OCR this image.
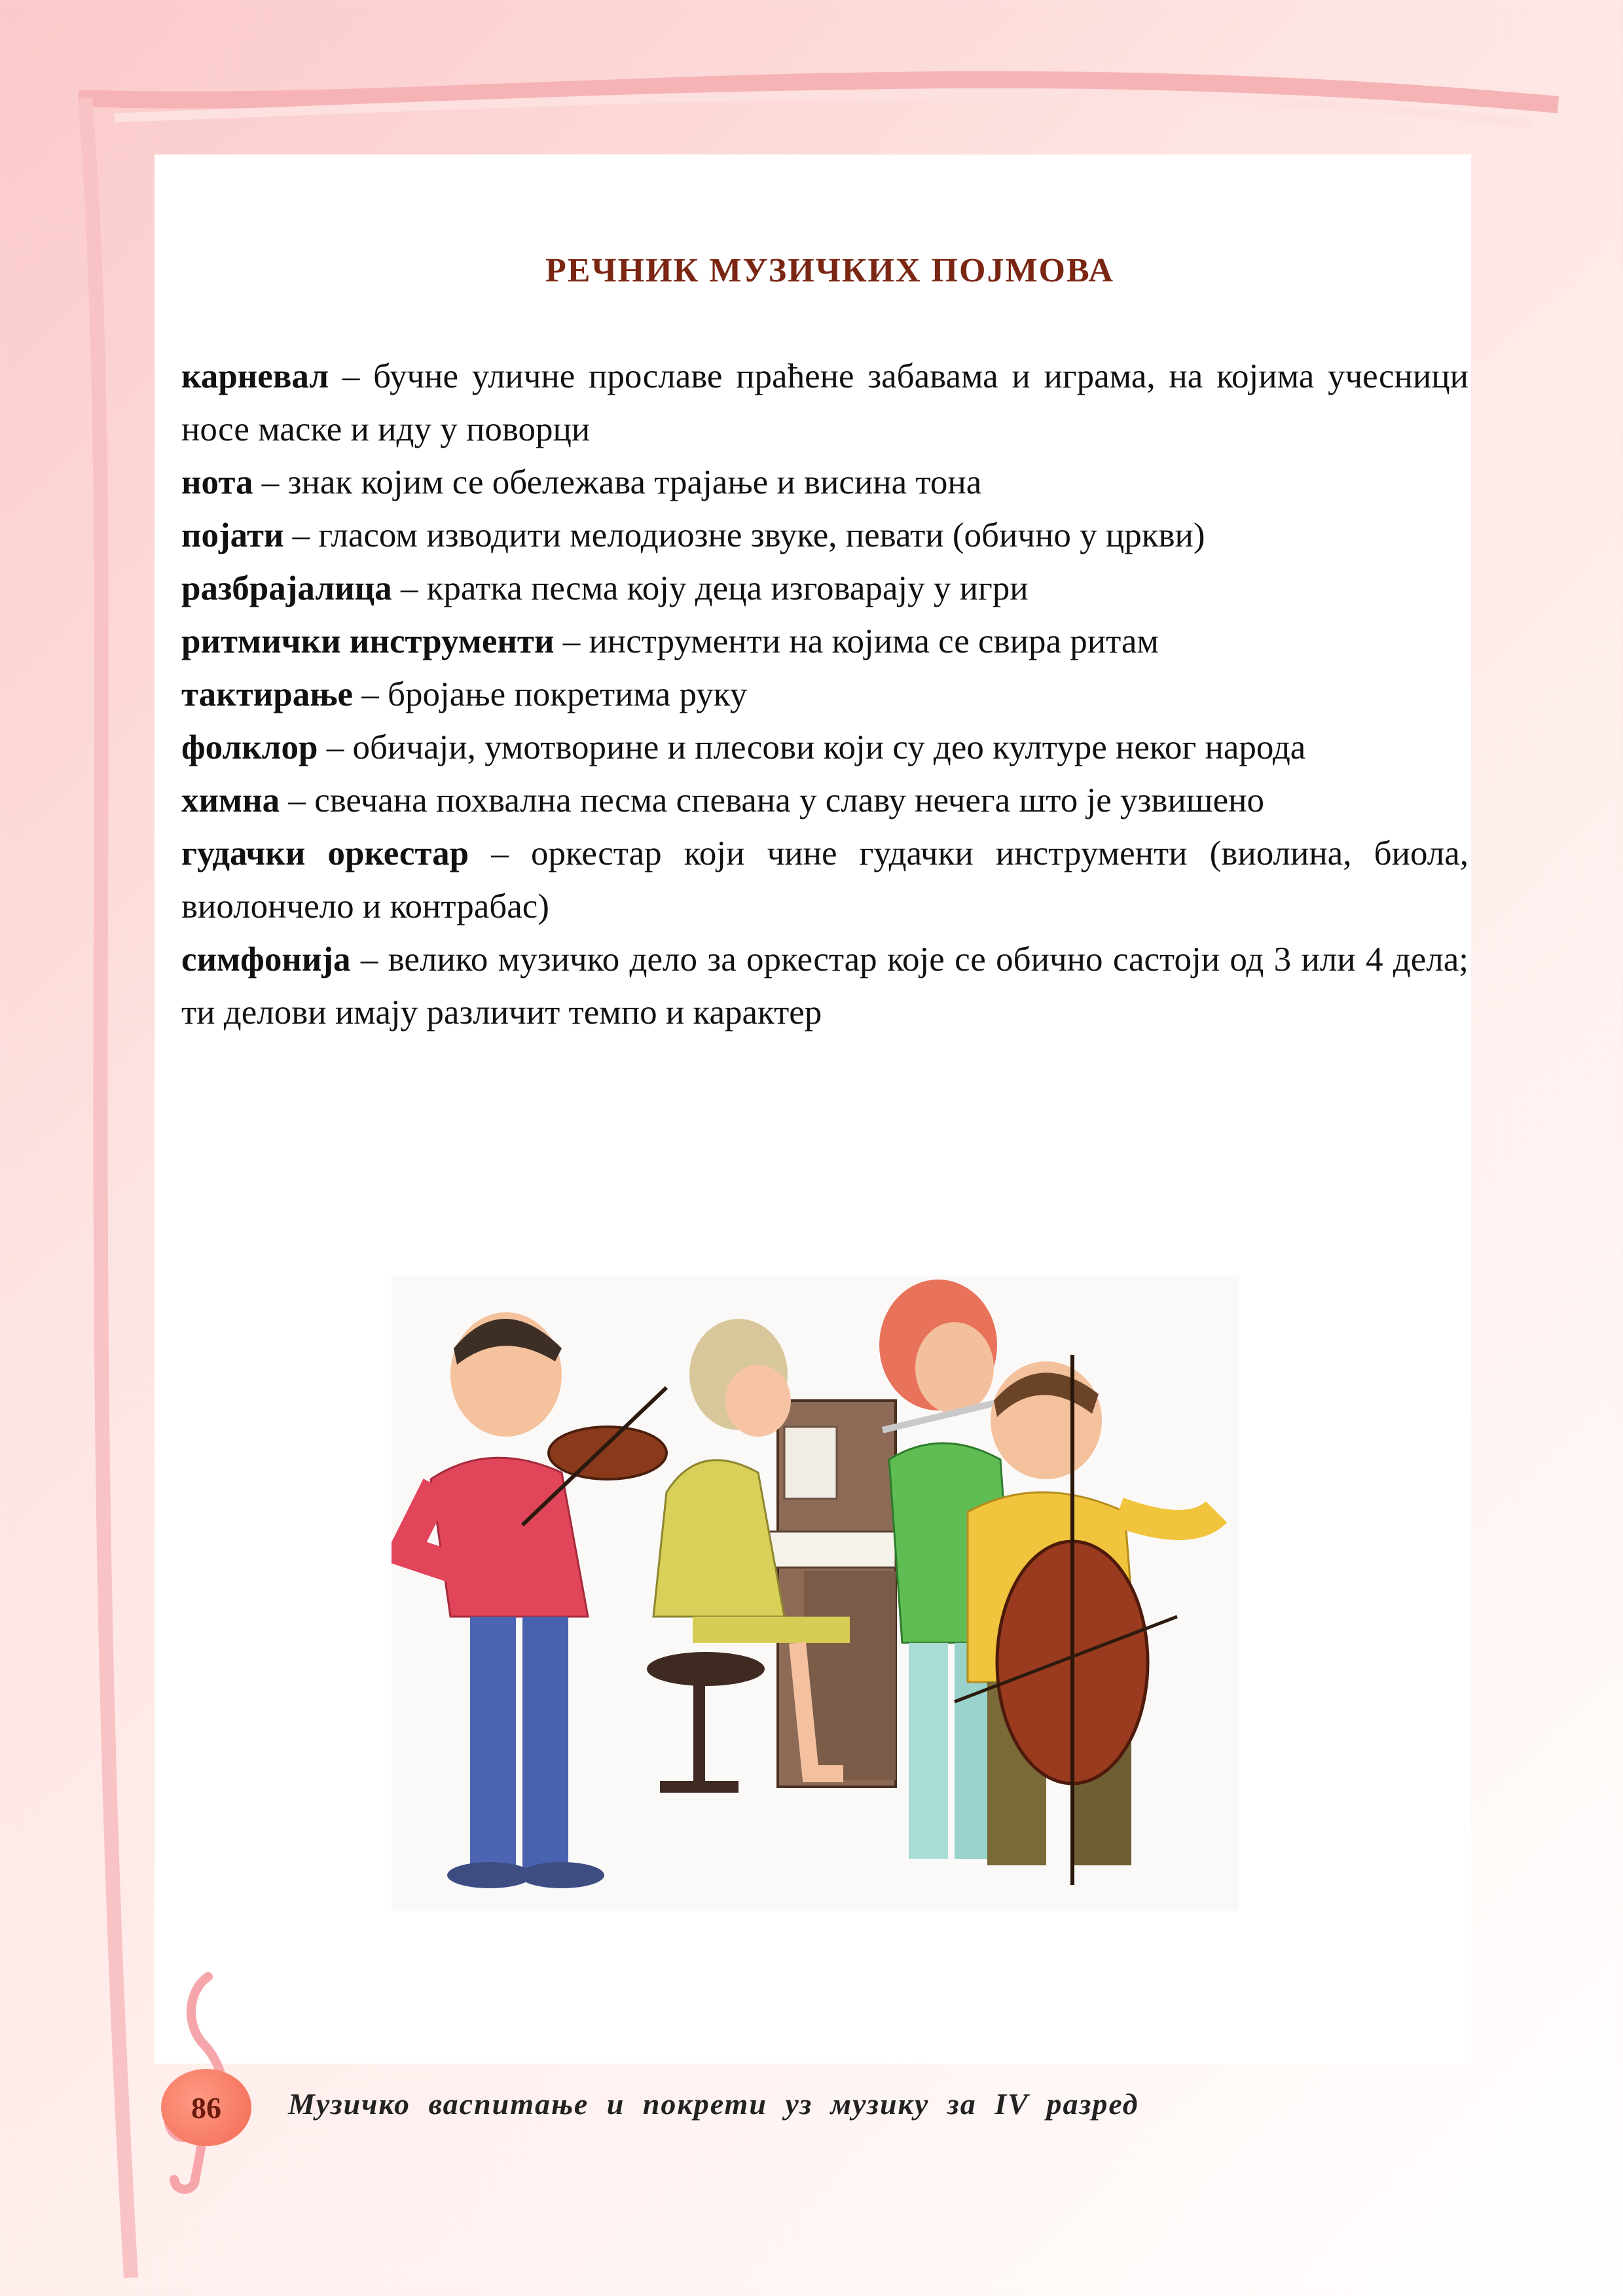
РЕЧНИК МУЗИЧКИХ ПОЈМОВА
карневал – бучне уличне прославе праћене забавама и играма, на којима учесници носе маске и иду у поворци
нота – знак којим се обележава трајање и висина тона
појати – гласом изводити мелодиозне звуке, певати (обично у цркви)
разбрајалица – кратка песма коју деца изговарају у игри
ритмички инструменти – инструменти на којима се свира ритам
тактирање – бројање покретима руку
фолклор – обичаји, умотворине и плесови који су део културе неког народа
химна – свечана похвална песма спевана у славу нечега што је узвишено
гудачки оркестар – оркестар који чине гудачки инструменти (виолина, биола, виолончело и контрабас)
симфонија – велико музичко дело за оркестар које се обично састоји од 3 или 4 дела; ти делови имају различит темпо и карактер
86	Музичко васпитање и покрети уз музику за IV разред
